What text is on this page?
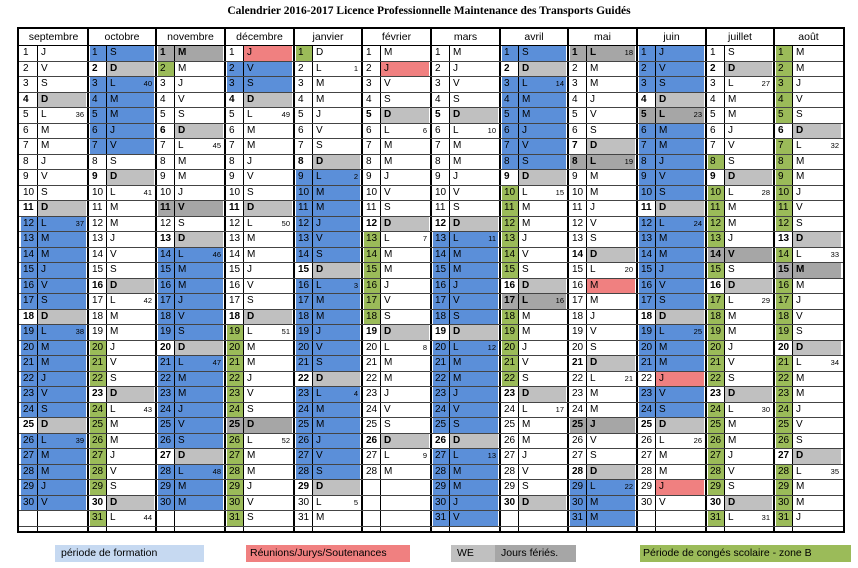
Calendrier 2016-2017 Licence Professionnelle Maintenance des Transports Guidés
septembre
1 J
2 V
3 S
4 D
5 L	36
6 M
7 M
8 J
9 V
10 S
11 D
12 L	37
13 M
14 M
15 J
16 V
17 S
18 D
19 L	38
20 M
21 M
22 J
23 V
24 S
25 D
26 L	39
27 M
28 M
29 J
30 V
octobre
1 S
2 D
3 L	40
4 M
5 M
6 J
7 V
8 S
9 D
10 L	41
11 M
12 M
13 J
14 V
15 S
16 D
17 L	42
18 M
19 M
20 J
21 V
22 S
23 D
24 L	43
25 M
26 M
27 J
28 V
29 S
30 D
31 L	44
novembre
1 M
2 M
3 J
4 V
5 S
6 D
7 L	45
8 M
9 M
10 J
11 V
12 S
13 D
14 L	46
15 M
16 M
17 J
18 V
19 S
20 D
21 L	47
22 M
23 M
24 J
25 V
26 S
27 D
28 L	48
29 M
30 M
décembre
1 J
2 V
3 S
4 D
5 L	49
6 M
7 M
8 J
9 V
10 S
11 D
12 L	50
13 M
14 M
15 J
16 V
17 S
18 D
19 L	51
20 M
21 M
22 J
23 V
24 S
25 D
26 L	52
27 M
28 M
29 J
30 V
31 S
janvier
1 D
2 L	1
3 M
4 M
5 J
6 V
7 S
8 D
9 L	2
10 M
11 M
12 J
13 V
14 S
15 D
16 L	3
17 M
18 M
19 J
20 V
21 S
22 D
23 L	4
24 M
25 M
26 J
27 V
28 S
29 D
30 L	5
31 M
février
1 M
2 J
3 V
4 S
5 D
6 L	6
7 M
8 M
9 J
10 V
11 S
12 D
13 L	7
14 M
15 M
16 J
17 V
18 S
19 D
20 L	8
21 M
22 M
23 J
24 V
25 S
26 D
27 L	9
28 M
mars
1 M
2 J
3 V
4 S
5 D
6 L	10
7 M
8 M
9 J
10 V
11 S
12 D
13 L	11
14 M
15 M
16 J
17 V
18 S
19 D
20 L	12
21 M
22 M
23 J
24 V
25 S
26 D
27 L	13
28 M
29 M
30 J
31 V
avril
1 S
2 D
3 L	14
4 M
5 M
6 J
7 V
8 S
9 D
10 L	15
11 M
12 M
13 J
14 V
15 S
16 D
17 L	16
18 M
19 M
20 J
21 V
22 S
23 D
24 L	17
25 M
26 M
27 J
28 V
29 S
30 D
mai
1 L	18
2 M
3 M
4 J
5 V
6 S
7 D
8 L	19
9 M
10 M
11 J
12 V
13 S
14 D
15 L	20
16 M
17 M
18 J
19 V
20 S
21 D
22 L	21
23 M
24 M
25 J
26 V
27 S
28 D
29 L	22
30 M
31 M
juin
1 J
2 V
3 S
4 D
5 L	23
6 M
7 M
8 J
9 V
10 S
11 D
12 L	24
13 M
14 M
15 J
16 V
17 S
18 D
19 L	25
20 M
21 M
22 J
23 V
24 S
25 D
26 L	26
27 M
28 M
29 J
30 V
juillet
1 S
2 D
3 L	27
4 M
5 M
6 J
7 V
8 S
9 D
10 L	28
11 M
12 M
13 J
14 V
15 S
16 D
17 L	29
18 M
19 M
20 J
21 V
22 S
23 D
24 L	30
25 M
26 M
27 J
28 V
29 S
30 D
31 L	31
août
1 M
2 M
3 J
4 V
5 S
6 D
7 L	32
8 M
9 M
10 J
11 V
12 S
13 D
14 L	33
15 M
16 M
17 J
18 V
19 S
20 D
21 L	34
22 M
23 M
24 J
25 V
26 S
27 D
28 L	35
29 M
30 M
31 J
période de formation	Réunions/Jurys/Soutenances	WE	Jours fériés.	Période de congés scolaire - zone B
